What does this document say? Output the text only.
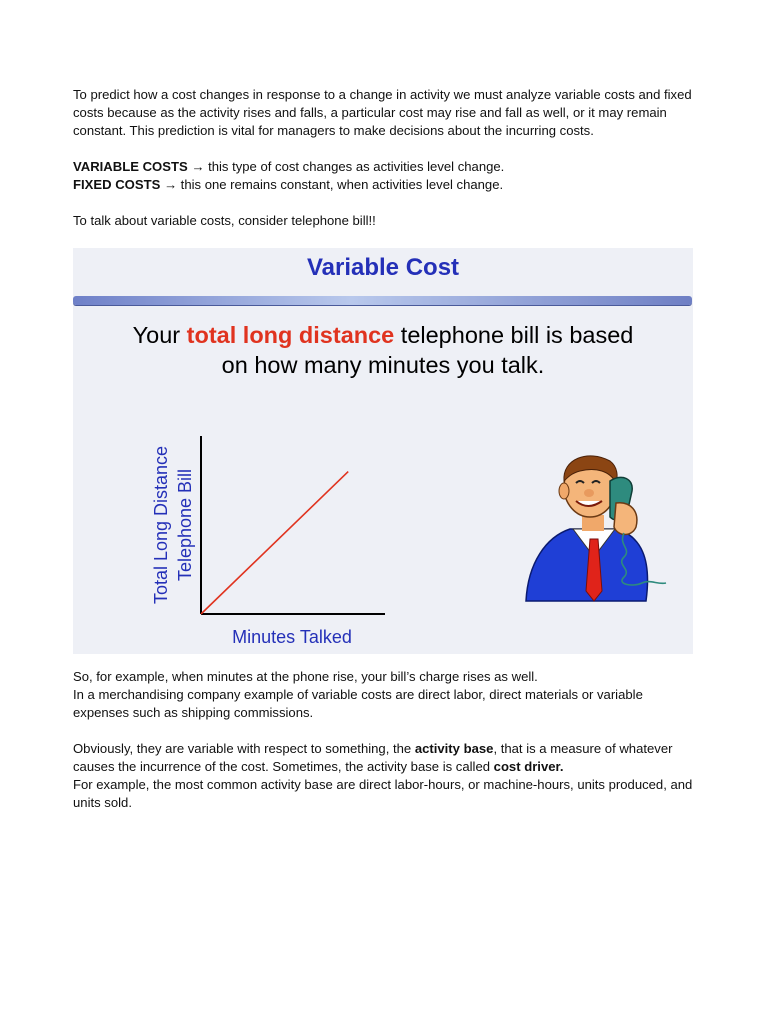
To predict how a cost changes in response to a change in activity we must analyze variable costs and fixed costs because as the activity rises and falls, a particular cost may rise and fall as well, or it may remain constant. This prediction is vital for managers to make decisions about the incurring costs.

VARIABLE COSTS → this type of cost changes as activities level change.

FIXED COSTS → this one remains constant, when activities level change.

To talk about variable costs, consider telephone bill!!

Variable Cost
Your total long distance telephone bill is based
on how many minutes you talk.
Total Long Distance Telephone Bill
Minutes Talked

So, for example, when minutes at the phone rise, your bill’s charge rises as well.

In a merchandising company example of variable costs are direct labor, direct materials or variable expenses such as shipping commissions.

Obviously, they are variable with respect to something, the activity base, that is a measure of whatever causes the incurrence of the cost. Sometimes, the activity base is called cost driver.

For example, the most common activity base are direct labor-hours, or machine-hours, units produced, and units sold.
